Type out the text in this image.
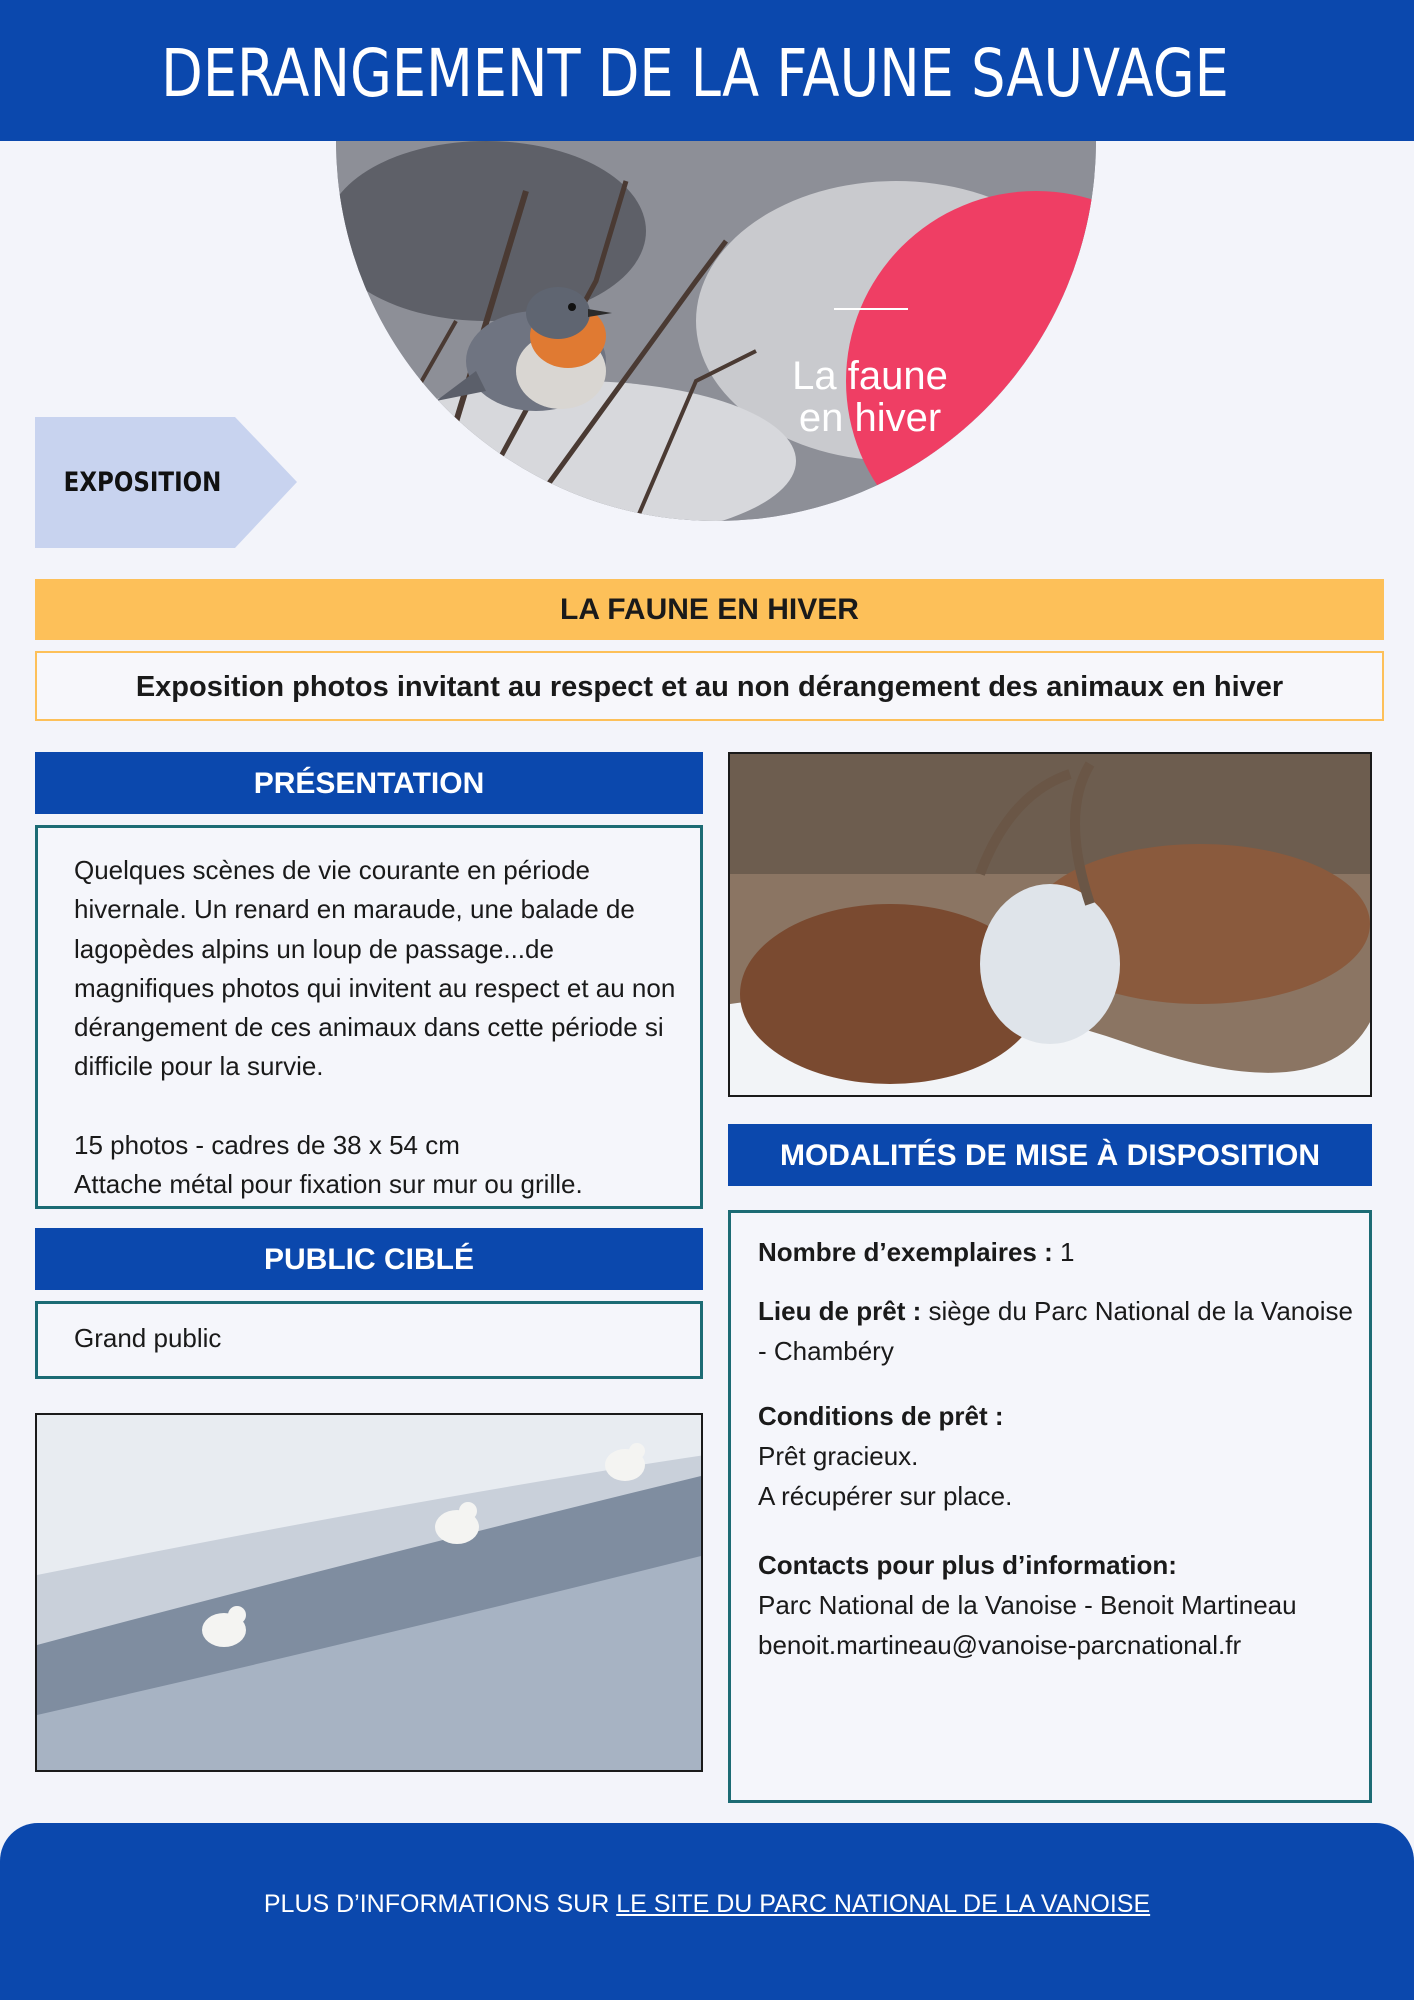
DERANGEMENT DE LA FAUNE SAUVAGE
La faune
en hiver
EXPOSITION
LA FAUNE EN HIVER
Exposition photos invitant au respect et au non dérangement des animaux en hiver
PRÉSENTATION

Quelques scènes de vie courante en période hivernale. Un renard en maraude, une balade de lagopèdes alpins un loup de passage...de magnifiques photos qui invitent au respect et au non dérangement de ces animaux dans cette période si difficile pour la survie.

15 photos - cadres de 38 x 54 cm

Attache métal pour fixation sur mur ou grille.

PUBLIC CIBLÉ
Grand public
MODALITÉS DE MISE À DISPOSITION
Nombre d’exemplaires : 1
Lieu de prêt : siège du Parc National de la Vanoise - Chambéry
Conditions de prêt :
Prêt gracieux.
A récupérer sur place.
Contacts pour plus d’information:
Parc National de la Vanoise - Benoit Martineau
benoit.martineau@vanoise-parcnational.fr
PLUS D’INFORMATIONS SUR LE SITE DU PARC NATIONAL DE LA VANOISE
